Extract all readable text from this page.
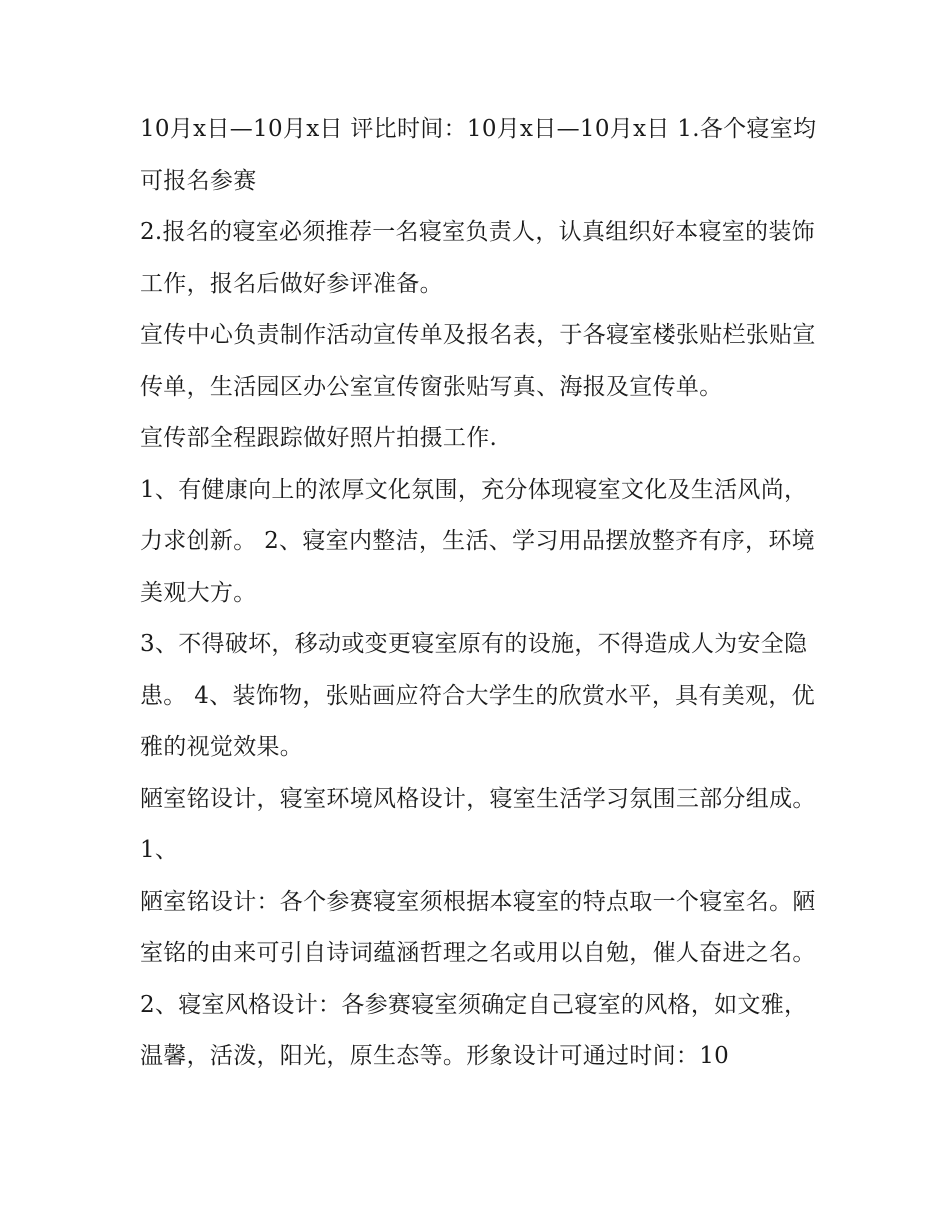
10月x日—10月x日 评比时间：10月x日—10月x日 1.各个寝室均可报名参赛

2.报名的寝室必须推荐一名寝室负责人，认真组织好本寝室的装饰工作，报名后做好参评准备。

宣传中心负责制作活动宣传单及报名表，于各寝室楼张贴栏张贴宣传单，生活园区办公室宣传窗张贴写真、海报及宣传单。

宣传部全程跟踪做好照片拍摄工作.

1、有健康向上的浓厚文化氛围，充分体现寝室文化及生活风尚，力求创新。 2、寝室内整洁，生活、学习用品摆放整齐有序，环境美观大方。

3、不得破坏，移动或变更寝室原有的设施，不得造成人为安全隐患。 4、装饰物，张贴画应符合大学生的欣赏水平，具有美观，优雅的视觉效果。

陋室铭设计，寝室环境风格设计，寝室生活学习氛围三部分组成。 1、

陋室铭设计：各个参赛寝室须根据本寝室的特点取一个寝室名。陋室铭的由来可引自诗词蕴涵哲理之名或用以自勉，催人奋进之名。

2、寝室风格设计：各参赛寝室须确定自己寝室的风格，如文雅，温馨，活泼，阳光，原生态等。形象设计可通过时间：10
